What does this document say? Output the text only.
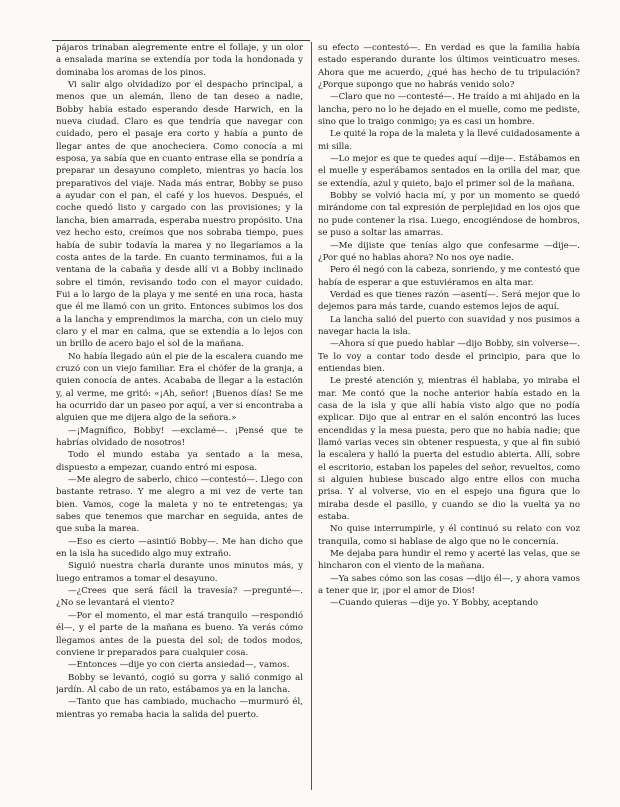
pájaros trinaban alegremente entre el follaje, y un olor a ensalada marina se extendía por toda la hondonada y dominaba los aromas de los pinos.

Vi salir algo olvidadizo por el despacho principal, a menos que un alemán, lleno de tan deseo a nadie, Bobby había estado esperando desde Harwich, en la nueva ciudad. Claro es que tendría que navegar con cuidado, pero el pasaje era corto y había a punto de llegar antes de que anocheciera. Como conocía a mi esposa, ya sabía que en cuanto entrase ella se pondría a preparar un desayuno completo, mientras yo hacía los preparativos del viaje. Nada más entrar, Bobby se puso a ayudar con el pan, el café y los huevos. Después, el coche quedó listo y cargado con las provisiones; y la lancha, bien amarrada, esperaba nuestro propósito. Una vez hecho esto, creímos que nos sobraba tiempo, pues había de subir todavía la marea y no llegaríamos a la costa antes de la tarde. En cuanto terminamos, fui a la ventana de la cabaña y desde allí vi a Bobby inclinado sobre el timón, revisando todo con el mayor cuidado. Fui a lo largo de la playa y me senté en una roca, hasta que él me llamó con un grito. Entonces subimos los dos a la lancha y emprendimos la marcha, con un cielo muy claro y el mar en calma, que se extendía a lo lejos con un brillo de acero bajo el sol de la mañana.

No había llegado aún el pie de la escalera cuando me cruzó con un viejo familiar. Era el chófer de la granja, a quien conocía de antes. Acababa de llegar a la estación y, al verme, me gritó: «¡Ah, señor! ¡Buenos días! Se me ha ocurrido dar un paseo por aquí, a ver si encontraba a alguien que me dijera algo de la señora.»

—¡Magnífico, Bobby! —exclamé—. ¡Pensé que te habrías olvidado de nosotros!

Todo el mundo estaba ya sentado a la mesa, dispuesto a empezar, cuando entró mi esposa.

—Me alegro de saberlo, chico —contestó—. Llego con bastante retraso. Y me alegro a mi vez de verte tan bien. Vamos, coge la maleta y no te entretengas; ya sabes que tenemos que marchar en seguida, antes de que suba la marea.

—Eso es cierto —asintió Bobby—. Me han dicho que en la isla ha sucedido algo muy extraño.

Siguió nuestra charla durante unos minutos más, y luego entramos a tomar el desayuno.

—¿Crees que será fácil la travesía? —pregunté—. ¿No se levantará el viento?

—Por el momento, el mar está tranquilo —respondió él—, y el parte de la mañana es bueno. Ya verás cómo llegamos antes de la puesta del sol; de todos modos, conviene ir preparados para cualquier cosa.

—Entonces —dije yo con cierta ansiedad—, vamos.

Bobby se levantó, cogió su gorra y salió conmigo al jardín. Al cabo de un rato, estábamos ya en la lancha.

—Tanto que has cambiado, muchacho —murmuró él, mientras yo remaba hacia la salida del puerto.

su efecto —contestó—. En verdad es que la familia había estado esperando durante los últimos veinticuatro meses. Ahora que me acuerdo, ¿qué has hecho de tu tripulación? ¿Porque supongo que no habrás venido solo?

—Claro que no —contesté—. He traído a mi ahijado en la lancha, pero no lo he dejado en el muelle, como me pediste, sino que lo traigo conmigo; ya es casi un hombre.

Le quité la ropa de la maleta y la llevé cuidadosamente a mi silla.

—Lo mejor es que te quedes aquí —dije—. Estábamos en el muelle y esperábamos sentados en la orilla del mar, que se extendía, azul y quieto, bajo el primer sol de la mañana.

Bobby se volvió hacia mí, y por un momento se quedó mirándome con tal expresión de perplejidad en los ojos que no pude contener la risa. Luego, encogiéndose de hombros, se puso a soltar las amarras.

—Me dijiste que tenías algo que confesarme —dije—. ¿Por qué no hablas ahora? No nos oye nadie.

Pero él negó con la cabeza, sonriendo, y me contestó que había de esperar a que estuviéramos en alta mar.

Verdad es que tienes razón —asentí—. Será mejor que lo dejemos para más tarde, cuando estemos lejos de aquí.

La lancha salió del puerto con suavidad y nos pusimos a navegar hacia la isla.

—Ahora sí que puedo hablar —dijo Bobby, sin volverse—. Te lo voy a contar todo desde el principio, para que lo entiendas bien.

Le presté atención y, mientras él hablaba, yo miraba el mar. Me contó que la noche anterior había estado en la casa de la isla y que allí había visto algo que no podía explicar. Dijo que al entrar en el salón encontró las luces encendidas y la mesa puesta, pero que no había nadie; que llamó varias veces sin obtener respuesta, y que al fin subió la escalera y halló la puerta del estudio abierta. Allí, sobre el escritorio, estaban los papeles del señor, revueltos, como si alguien hubiese buscado algo entre ellos con mucha prisa. Y al volverse, vio en el espejo una figura que lo miraba desde el pasillo, y cuando se dio la vuelta ya no estaba.

No quise interrumpirle, y él continuó su relato con voz tranquila, como si hablase de algo que no le concernía.

Me dejaba para hundir el remo y acerté las velas, que se hincharon con el viento de la mañana.

—Ya sabes cómo son las cosas —dijo él—, y ahora vamos a tener que ir, ¡por el amor de Dios!

—Cuando quieras —dije yo. Y Bobby, aceptando
